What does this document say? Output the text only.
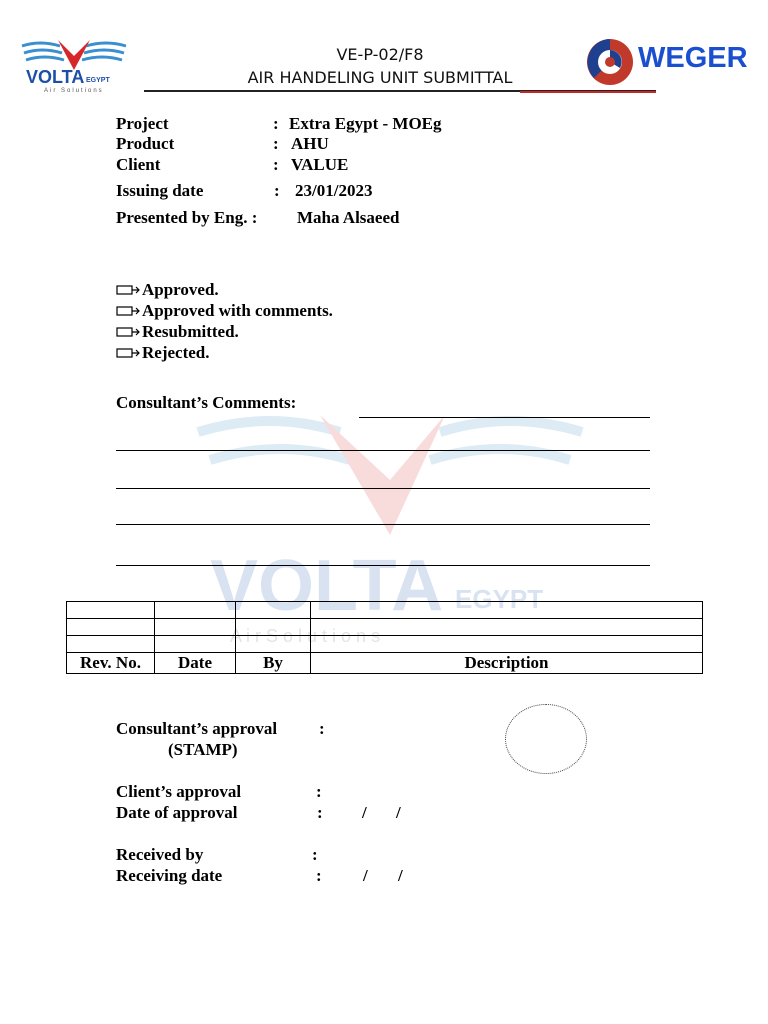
VOLTA EGYPT
A i r S o l u t i o n s
VOLTA EGYPT
Air Solutions
VE-P-02/F8
AIR HANDELING UNIT SUBMITTAL
WEGER
Project	: Extra Egypt - MOEg
Product	: AHU
Client	: VALUE
Issuing date	: 23/01/2023
Presented by Eng. : Maha Alsaeed
Approved.
Approved with comments.
Resubmitted.
Rejected.
Consultant’s Comments:

Rev. No.	Date	By	Description
Consultant’s approval :
(STAMP)
Client’s approval	:
Date of approval	: / /
Received by	:
Receiving date	: / /
